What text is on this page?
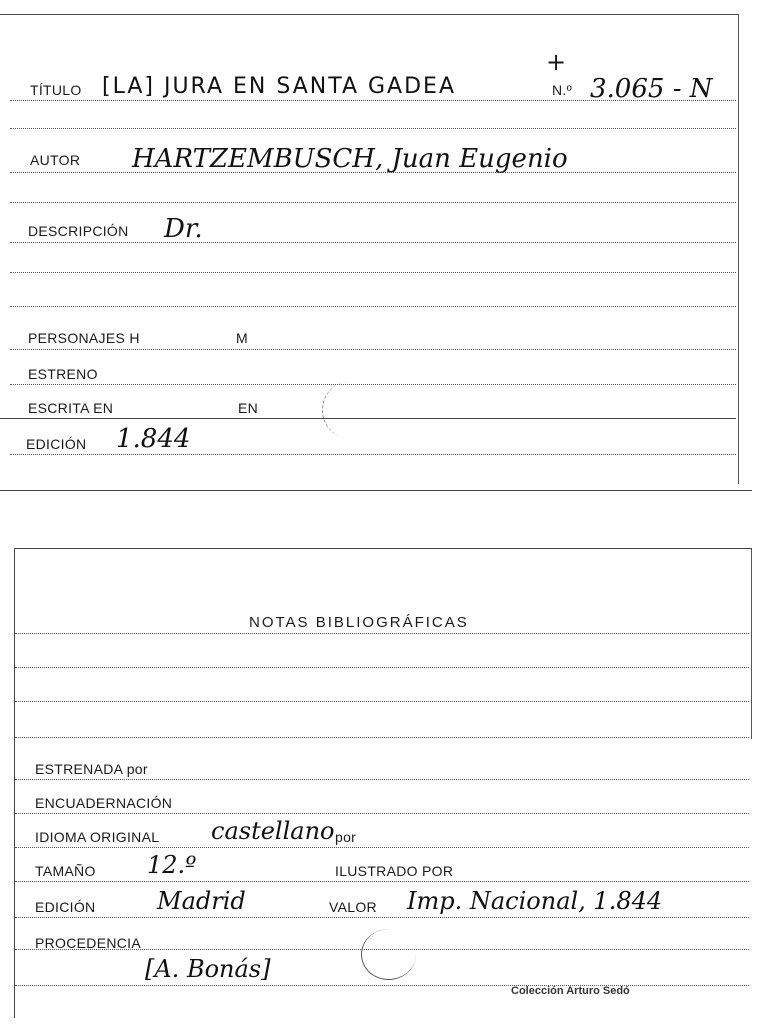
+
TÍTULO [LA] JURA EN SANTA GADEA	N.º 3.065 - N
AUTOR HARTZEMBUSCH, Juan Eugenio
DESCRIPCIÓN Dr.
PERSONAJES H	M
ESTRENO
ESCRITA EN	EN
EDICIÓN 1.844
NOTAS BIBLIOGRÁFICAS
ESTRENADA por
ENCUADERNACIÓN
IDIOMA ORIGINAL castellano por
TAMAÑO 12.º	ILUSTRADO POR
EDICIÓN	Madrid	VALOR Imp. Nacional, 1.844
PROCEDENCIA
[A. Bonás]
Colección Arturo Sedó
